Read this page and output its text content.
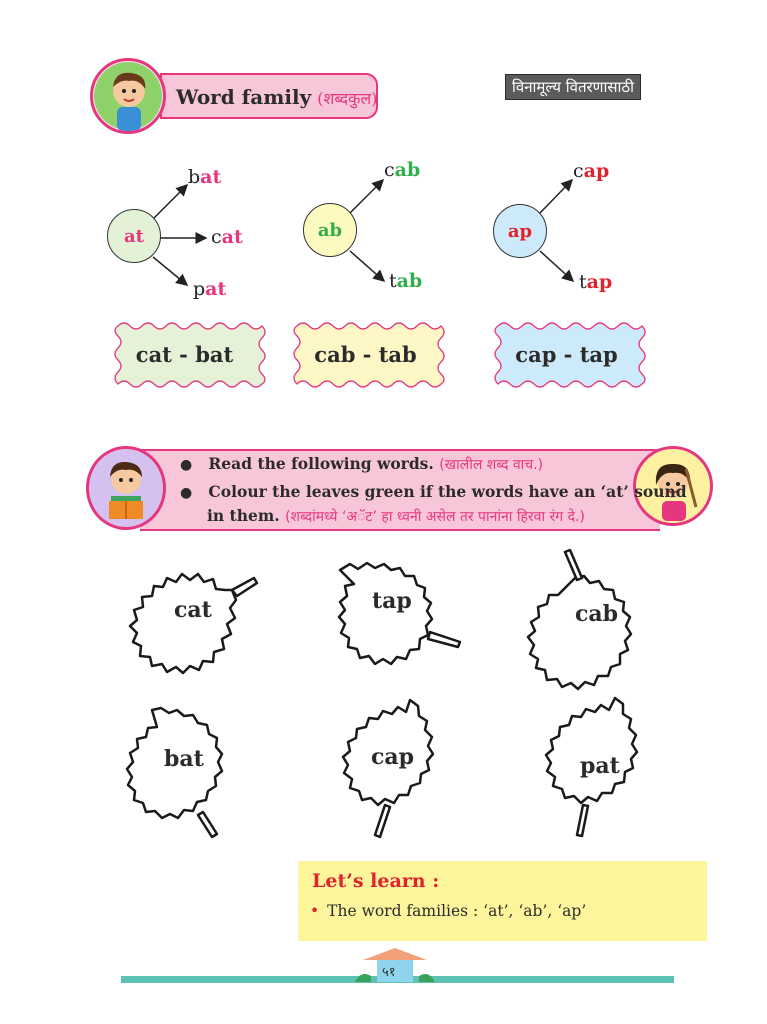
Word family (शब्दकुल)
विनामूल्य वितरणासाठी
at
bat
cat
pat
ab
cab
tab
ap
cap
tap
cat - bat	cab - tab	cap - tap
● Read the following words. (खालील शब्द वाच.)
● Colour the leaves green if the words have an ‘at’ sound
in them. (शब्दांमध्ये ‘अॅट’ हा ध्वनी असेल तर पानांना हिरवा रंग दे.)
cat	tap	cab
bat	cap	pat
Let’s learn :
• The word families : ‘at’, ‘ab’, ‘ap’
५१
